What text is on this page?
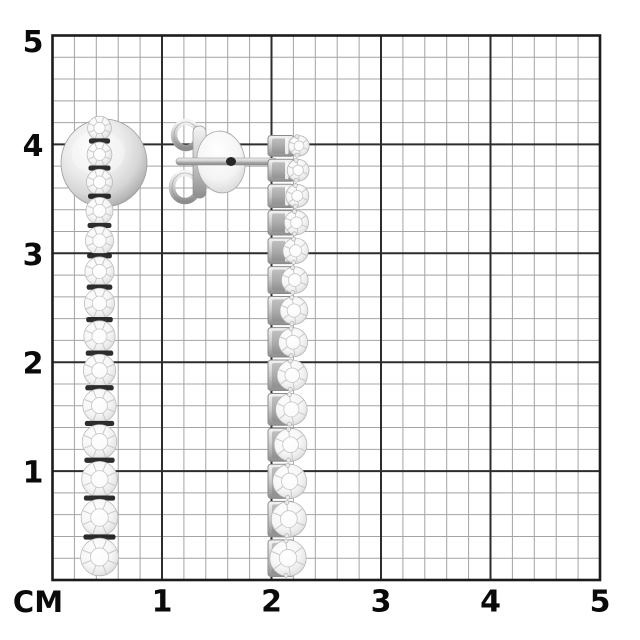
СМ
5
4
3
2
1
1	2	3	4	5
